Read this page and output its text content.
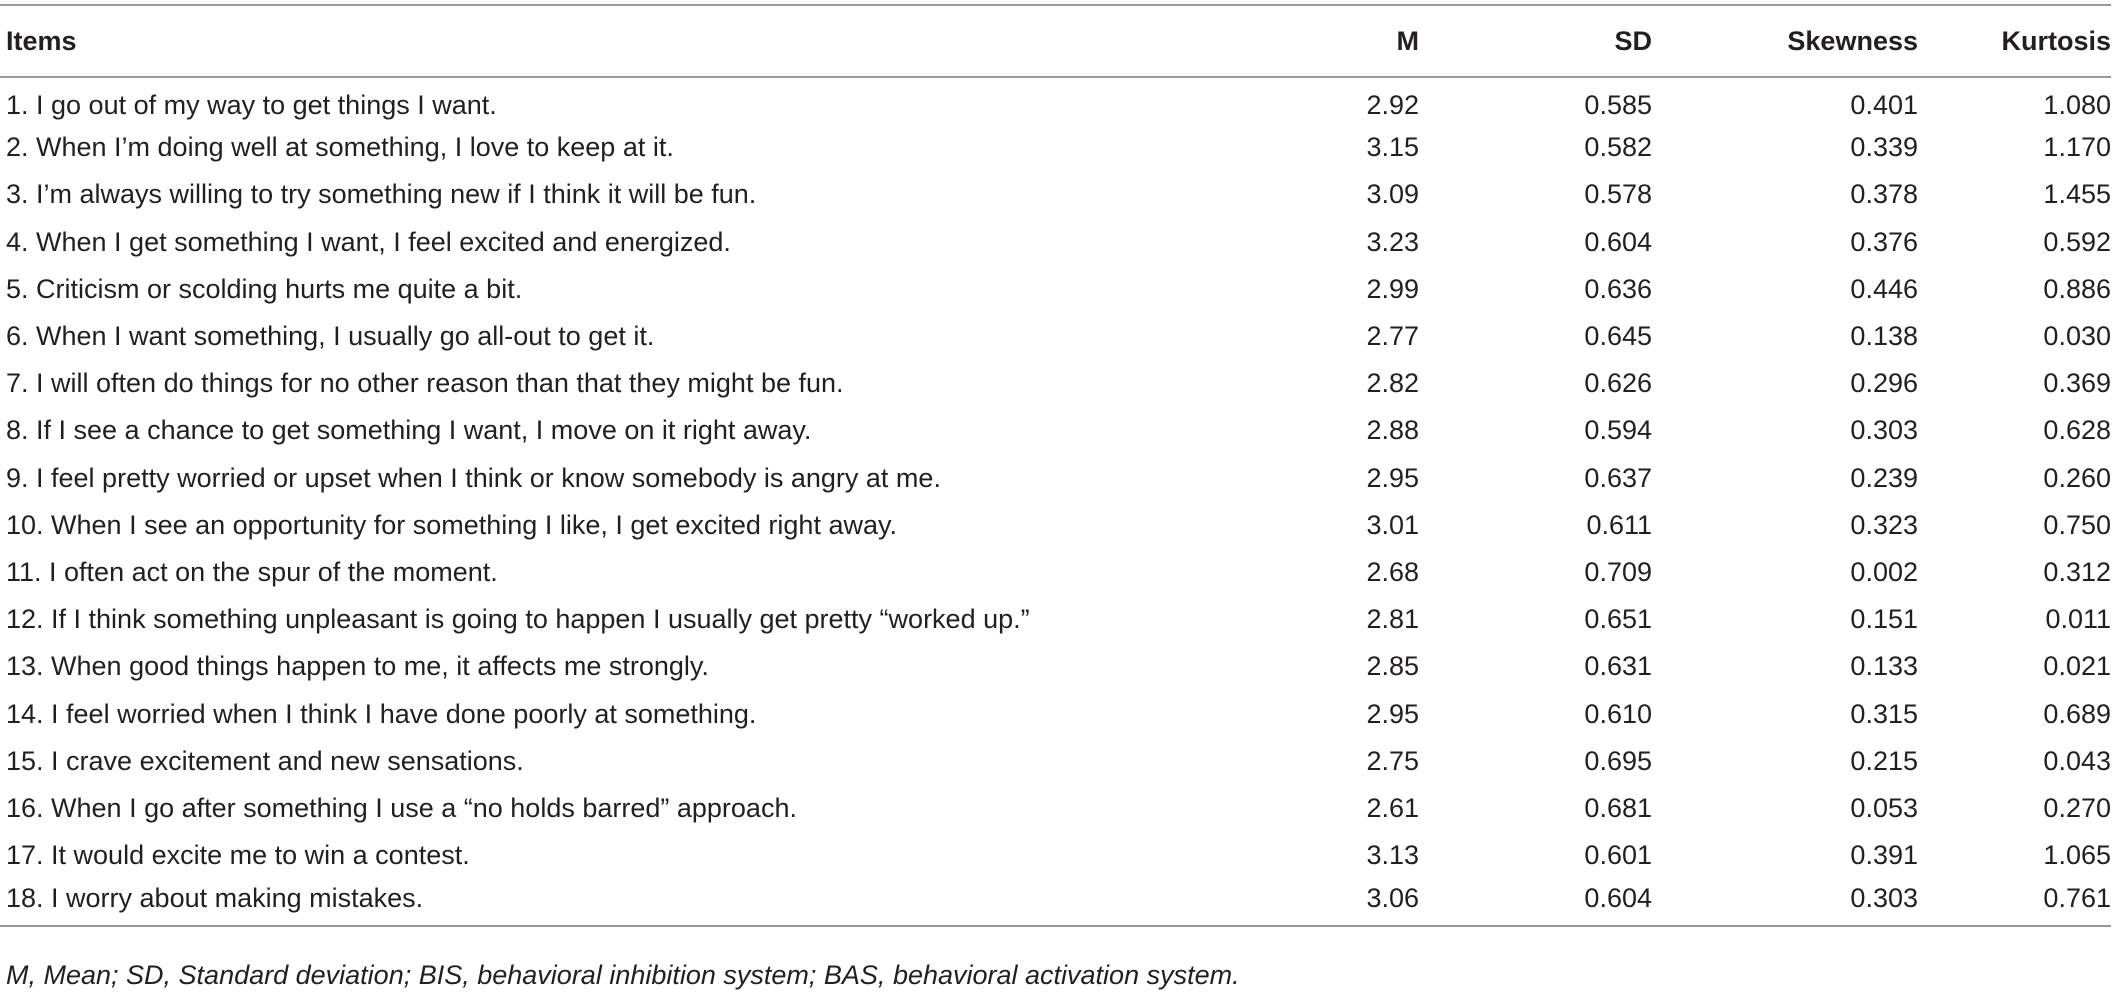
Items	M	SD	Skewness	Kurtosis
1. I go out of my way to get things I want.	2.92	0.585	0.401	1.080
2. When I’m doing well at something, I love to keep at it.	3.15	0.582	0.339	1.170
3. I’m always willing to try something new if I think it will be fun.	3.09	0.578	0.378	1.455
4. When I get something I want, I feel excited and energized.	3.23	0.604	0.376	0.592
5. Criticism or scolding hurts me quite a bit.	2.99	0.636	0.446	0.886
6. When I want something, I usually go all-out to get it.	2.77	0.645	0.138	0.030
7. I will often do things for no other reason than that they might be fun.	2.82	0.626	0.296	0.369
8. If I see a chance to get something I want, I move on it right away.	2.88	0.594	0.303	0.628
9. I feel pretty worried or upset when I think or know somebody is angry at me.	2.95	0.637	0.239	0.260
10. When I see an opportunity for something I like, I get excited right away.	3.01	0.611	0.323	0.750
11. I often act on the spur of the moment.	2.68	0.709	0.002	0.312
12. If I think something unpleasant is going to happen I usually get pretty “worked up.”	2.81	0.651	0.151	0.011
13. When good things happen to me, it affects me strongly.	2.85	0.631	0.133	0.021
14. I feel worried when I think I have done poorly at something.	2.95	0.610	0.315	0.689
15. I crave excitement and new sensations.	2.75	0.695	0.215	0.043
16. When I go after something I use a “no holds barred” approach.	2.61	0.681	0.053	0.270
17. It would excite me to win a contest.	3.13	0.601	0.391	1.065
18. I worry about making mistakes.	3.06	0.604	0.303	0.761
M, Mean; SD, Standard deviation; BIS, behavioral inhibition system; BAS, behavioral activation system.
